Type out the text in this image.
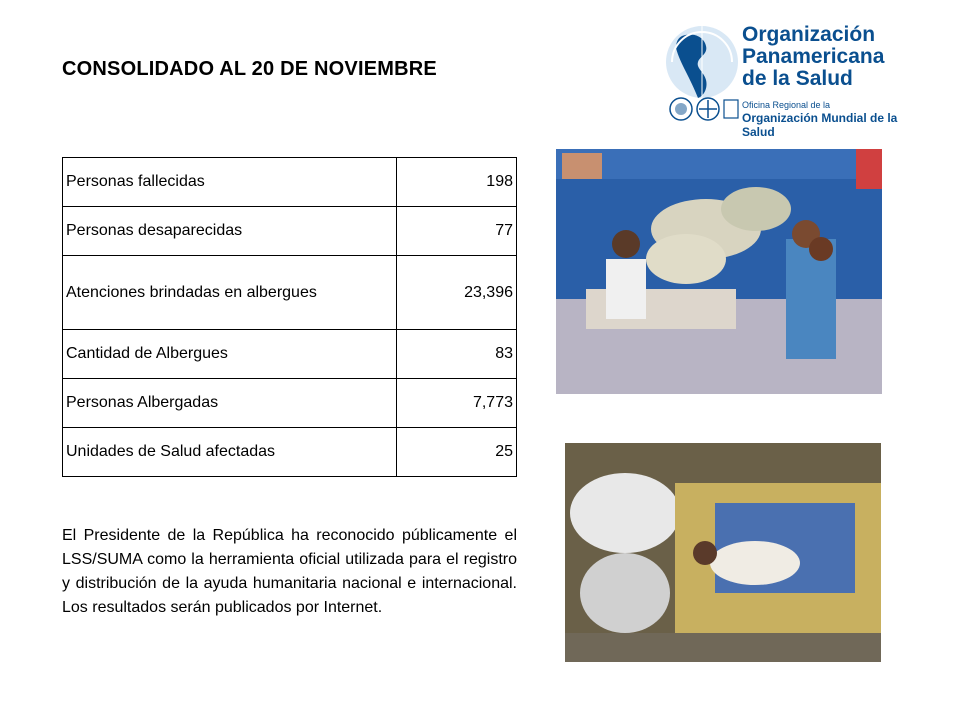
CONSOLIDADO AL 20 DE NOVIEMBRE
Organización
Panamericana
de la Salud
Oficina Regional de la
Organización Mundial de la Salud
Personas fallecidas	198
Personas desaparecidas	77
Atenciones brindadas en albergues	23,396
Cantidad de Albergues	83
Personas Albergadas	7,773
Unidades de Salud afectadas	25
El Presidente de la República ha reconocido públicamente el LSS/SUMA como la herramienta oficial utilizada para el registro y distribución de la ayuda humanitaria nacional e internacional. Los resultados serán publicados por Internet.
